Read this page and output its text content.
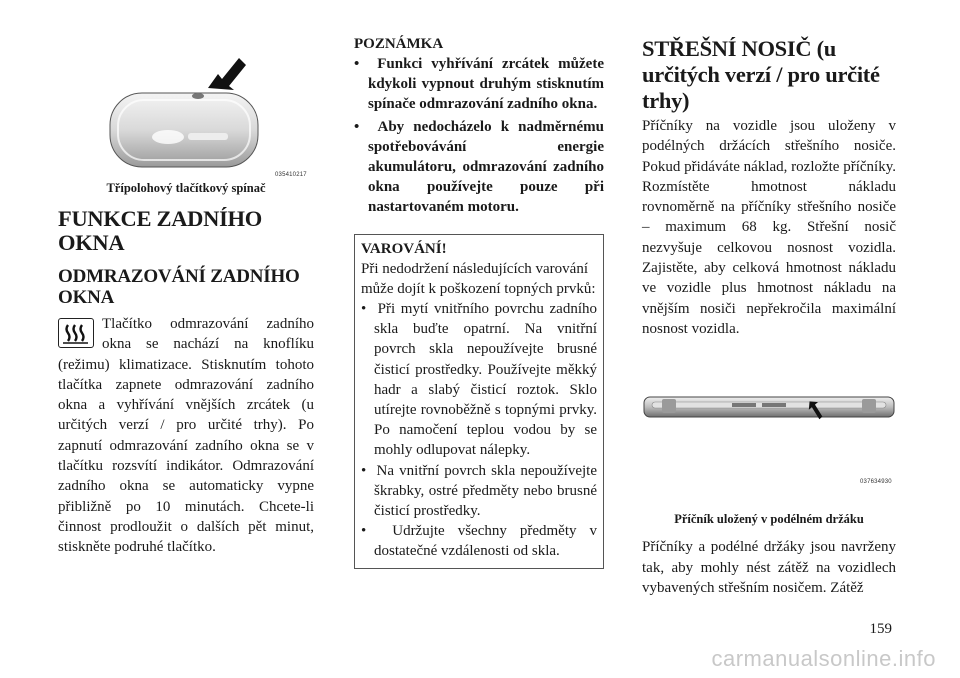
035410217

Třípolohový tlačítkový spínač

FUNKCE ZADNÍHO OKNA
ODMRAZOVÁNÍ ZADNÍHO OKNA

Tlačítko odmrazování zadního okna se nachází na knoflíku (režimu) klimatizace. Stisknutím tohoto tlačítka zapnete odmrazování zadního okna a vyhřívání vnějších zrcátek (u určitých verzí / pro určité trhy). Po zapnutí odmrazování zadního okna se v tlačítku rozsvítí indikátor. Odmrazování zadního okna se automaticky vypne přibližně po 10 minutách. Chcete-li činnost prodloužit o dalších pět minut, stiskněte podruhé tlačítko.

POZNÁMKA
•  Funkci vyhřívání zrcátek můžete kdykoli vypnout druhým stisknutím spínače odmrazování zadního okna.
•  Aby nedocházelo k nadměrnému spotřebovávání energie akumulátoru, odmrazování zadního okna používejte pouze při nastartovaném motoru.
VAROVÁNÍ!
Při nedodržení následujících varování může dojít k poškození topných prvků:
•  Při mytí vnitřního povrchu zadního skla buďte opatrní. Na vnitřní povrch skla nepoužívejte brusné čisticí prostředky. Používejte měkký hadr a slabý čisticí roztok. Sklo utírejte rovnoběžně s topnými prvky. Po namočení teplou vodou by se mohly odlupovat nálepky.
•  Na vnitřní povrch skla nepoužívejte škrabky, ostré předměty nebo brusné čisticí prostředky.
•  Udržujte všechny předměty v dostatečné vzdálenosti od skla.
STŘEŠNÍ NOSIČ (u určitých verzí / pro určité trhy)

Příčníky na vozidle jsou uloženy v podélných držácích střešního nosiče. Pokud přidáváte náklad, rozložte příčníky. Rozmístěte hmotnost nákladu rovnoměrně na příčníky střešního nosiče – maximum 68 kg. Střešní nosič nezvyšuje celkovou nosnost vozidla. Zajistěte, aby celková hmotnost nákladu ve vozidle plus hmotnost nákladu na vnějším nosiči nepřekročila maximální nosnost vozidla.

037634930

Příčník uložený v podélném držáku

Příčníky a podélné držáky jsou navrženy tak, aby mohly nést zátěž na vozidlech vybavených střešním nosičem. Zátěž

159
carmanualsonline.info
